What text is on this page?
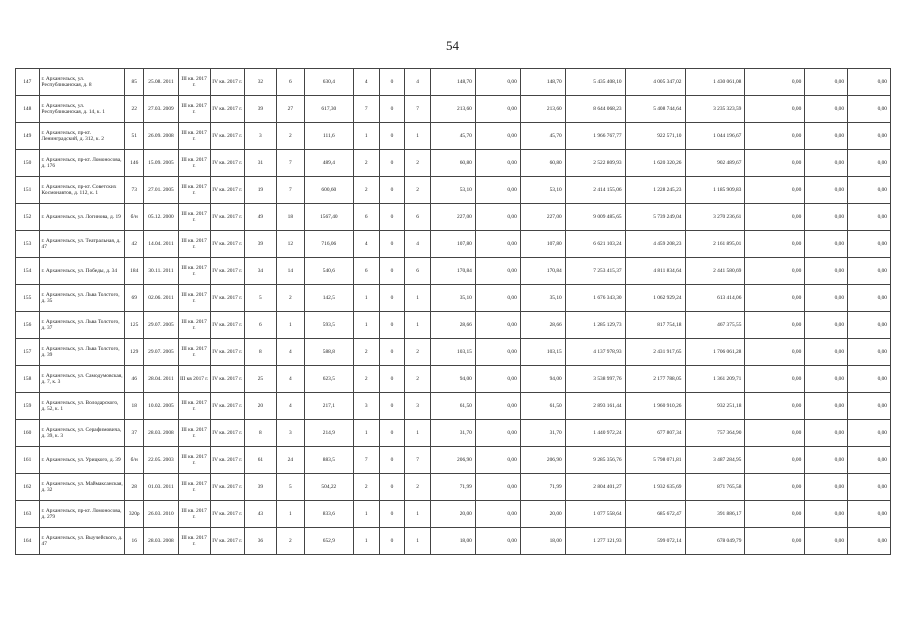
54
147	г. Архангельск, ул. Республиканская, д. 8	85	25.08. 2011	III кв. 2017 г.	IV кв. 2017 г.	32	6	630,4	4	0	4	148,70	0,00	148,70	5 435 408,10	4 005 347,02	1 430 061,08	0,00	0,00	0,00
148	г. Архангельск, ул. Республиканская, д. 14, к. 1	22	27.03. 2009	III кв. 2017 г.	IV кв. 2017 г.	39	27	617,30	7	0	7	213,60	0,00	213,60	8 644 068,23	5 408 744,64	3 235 323,59	0,00	0,00	0,00
149	г. Архангельск, пр-кт. Ленинградский, д. 312, к. 2	51	26.09. 2008	III кв. 2017 г.	IV кв. 2017 г.	3	2	111,6	1	0	1	45,70	0,00	45,70	1 966 767,77	922 571,10	1 044 196,67	0,00	0,00	0,00
150	г. Архангельск, пр-кт. Ломоносова, д. 176	146	15.09. 2005	III кв. 2017 г.	IV кв. 2017 г.	31	7	489,4	2	0	2	60,80	0,00	60,80	2 522 809,93	1 620 320,26	902 489,67	0,00	0,00	0,00
151	г. Архангельск, пр-кт. Советских Космонавтов, д. 112, к. 1	73	27.01. 2005	III кв. 2017 г.	IV кв. 2017 г.	19	7	600,60	2	0	2	53,10	0,00	53,10	2 414 155,06	1 228 245,23	1 185 909,83	0,00	0,00	0,00
152	г. Архангельск, ул. Логинова, д. 19	б/н	05.12. 2000	III кв. 2017 г.	IV кв. 2017 г.	49	18	1567,40	6	0	6	227,00	0,00	227,00	9 009 485,65	5 739 249,04	3 270 236,61	0,00	0,00	0,00
153	г. Архангельск, ул. Театральная, д. 47	42	14.04. 2011	III кв. 2017 г.	IV кв. 2017 г.	39	12	716,06	4	0	4	107,80	0,00	107,80	6 621 103,24	4 459 208,23	2 161 895,01	0,00	0,00	0,00
154	г. Архангельск, ул. Победы, д. 34	184	30.11. 2011	III кв. 2017 г.	IV кв. 2017 г.	34	14	540,6	6	0	6	170,84	0,00	170,84	7 253 415,37	4 811 834,64	2 441 580,69	0,00	0,00	0,00
155	г. Архангельск, ул. Льва Толстого, д. 35	69	02.06. 2011	III кв. 2017 г.	IV кв. 2017 г.	5	2	142,5	1	0	1	35,10	0,00	35,10	1 676 343,30	1 062 929,24	613 414,06	0,00	0,00	0,00
156	г. Архангельск, ул. Льва Толстого, д. 37	125	29.07. 2005	III кв. 2017 г.	IV кв. 2017 г.	6	1	593,5	1	0	1	28,66	0,00	28,66	1 285 129,73	817 754,18	467 375,55	0,00	0,00	0,00
157	г. Архангельск, ул. Льва Толстого, д. 39	129	29.07. 2005	III кв. 2017 г.	IV кв. 2017 г.	8	4	588,8	2	0	2	103,15	0,00	103,15	4 137 978,93	2 431 917,65	1 706 061,28	0,00	0,00	0,00
158	г. Архангельск, ул. Самодумовская, д. 7, к. 3	46	28.04. 2011	III кв 2017 г.	IV кв. 2017 г.	25	4	623,5	2	0	2	94,00	0,00	94,00	3 538 997,76	2 177 788,05	1 361 209,71	0,00	0,00	0,00
159	г. Архангельск, ул. Володарского, д. 52, к. 1	18	10.02. 2005	III кв. 2017 г.	IV кв. 2017 г.	20	4	217,1	3	0	3	61,50	0,00	61,50	2 893 161,44	1 960 910,26	932 251,18	0,00	0,00	0,00
160	г. Архангельск, ул. Серафимовича, д. 39, к. 3	37	28.03. 2008	III кв. 2017 г.	IV кв. 2017 г.	8	3	214,9	1	0	1	31,70	0,00	31,70	1 440 972,24	677 807,34	757 364,90	0,00	0,00	0,00
161	г. Архангельск, ул. Урицкого, д. 39	б/н	22.05. 2003	III кв. 2017 г.	IV кв. 2017 г.	61	24	883,5	7	0	7	206,90	0,00	206,90	9 285 356,76	5 798 071,81	3 487 284,95	0,00	0,00	0,00
162	г. Архангельск, ул. Маймаксанская, д. 32	28	01.03. 2011	III кв. 2017 г.	IV кв. 2017 г.	39	5	504,22	2	0	2	71,99	0,00	71,99	2 804 401,27	1 932 635,69	871 765,58	0,00	0,00	0,00
163	г. Архангельск, пр-кт. Ломоносова, д. 279	320р	26.03. 2010	III кв. 2017 г.	IV кв. 2017 г.	43	1	833,6	1	0	1	20,00	0,00	20,00	1 077 558,64	685 672,47	391 886,17	0,00	0,00	0,00
164	г. Архангельск, ул. Выучейского, д. 47	16	28.03. 2008	III кв. 2017 г.	IV кв. 2017 г.	36	2	652,9	1	0	1	18,00	0,00	18,00	1 277 121,93	599 072,14	678 049,79	0,00	0,00	0,00
